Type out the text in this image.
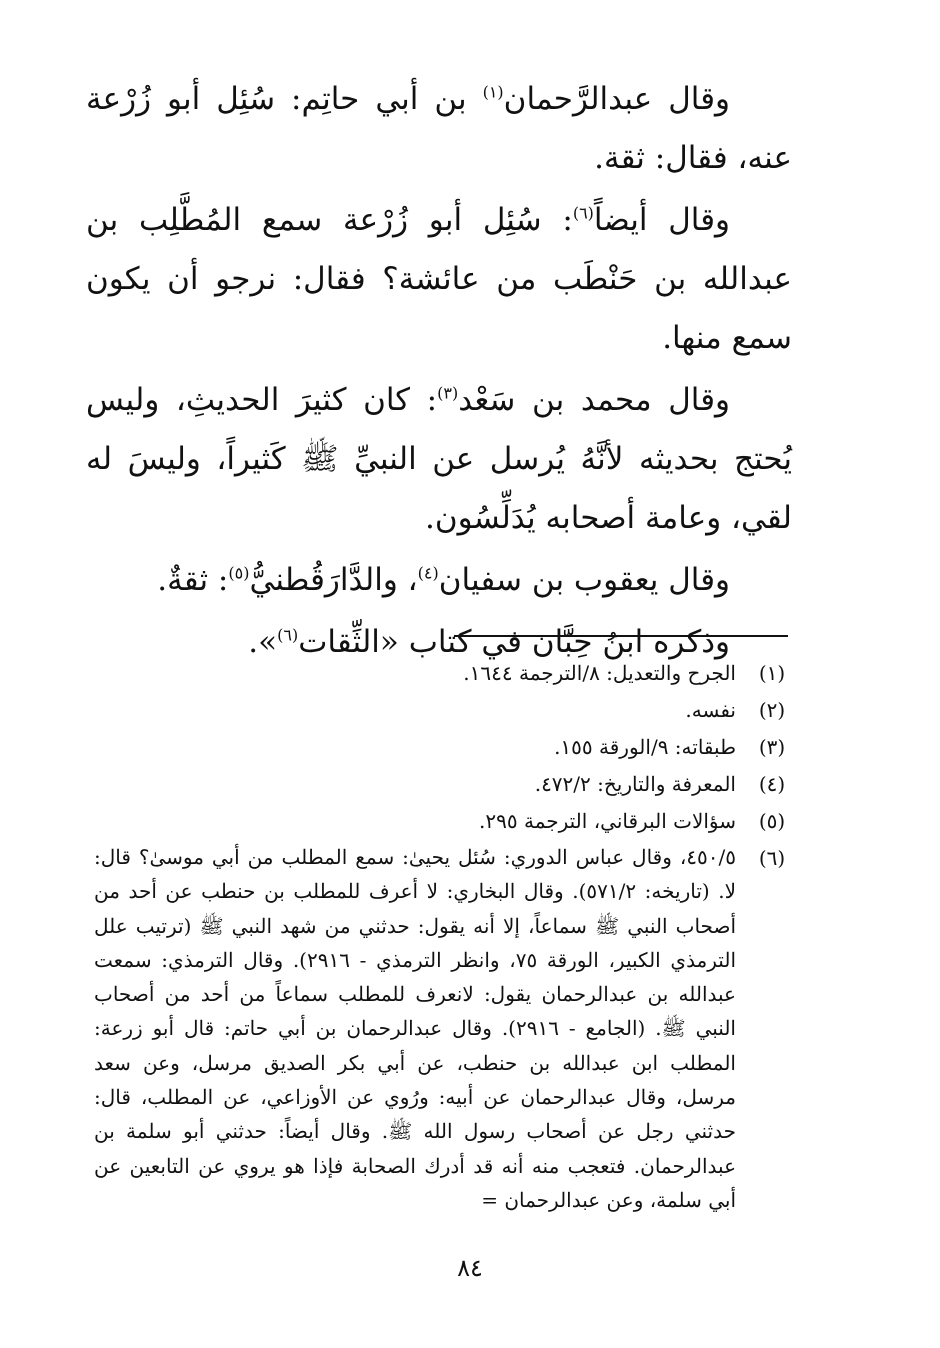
وقال عبدالرَّحمان$^{(١)}$ بن أبي حاتِم: سُئِل أبو زُرْعة عنه، فقال: ثقة.

وقال أيضاً$^{(٦)}$: سُئِل أبو زُرْعة سمع المُطَّلِب بن عبدالله بن حَنْطَب من عائشة؟ فقال: نرجو أن يكون سمع منها.

وقال محمد بن سَعْد$^{(٣)}$: كان كثيرَ الحديثِ، وليس يُحتج بحديثه لأنَّهُ يُرسل عن النبيِّ ﷺ كَثيراً، وليسَ له لقي، وعامة أصحابه يُدَلِّسُون.

وقال يعقوب بن سفيان$^{(٤)}$، والدَّارَقُطنيُّ$^{(٥)}$: ثقةٌ.

وذكره ابنُ حِبَّان في كتاب «الثِّقات$^{(٦)}$».

(١)
الجرح والتعديل: ٨/الترجمة ١٦٤٤.
(٢)
نفسه.
(٣)
طبقاته: ٩/الورقة ١٥٥.
(٤)
المعرفة والتاريخ: ٤٧٢/٢.
(٥)
سؤالات البرقاني، الترجمة ٢٩٥.
(٦)
٤٥٠/٥، وقال عباس الدوري: سُئل يحيىٰ: سمع المطلب من أبي موسىٰ؟ قال: لا. (تاريخه: ٥٧١/٢). وقال البخاري: لا أعرف للمطلب بن حنطب عن أحد من أصحاب النبي ﷺ سماعاً، إلا أنه يقول: حدثني من شهد النبي ﷺ (ترتيب علل الترمذي الكبير، الورقة ٧٥، وانظر الترمذي - ٢٩١٦). وقال الترمذي: سمعت عبدالله بن عبدالرحمان يقول: لانعرف للمطلب سماعاً من أحد من أصحاب النبي ﷺ. (الجامع - ٢٩١٦). وقال عبدالرحمان بن أبي حاتم: قال أبو زرعة: المطلب ابن عبدالله بن حنطب، عن أبي بكر الصديق مرسل، وعن سعد مرسل، وقال عبدالرحمان عن أبيه: ورُوي عن الأوزاعي، عن المطلب، قال: حدثني رجل عن أصحاب رسول الله ﷺ. وقال أيضاً: حدثني أبو سلمة بن عبدالرحمان. فتعجب منه أنه قد أدرك الصحابة فإذا هو يروي عن التابعين عن أبي سلمة، وعن عبدالرحمان =
٨٤
